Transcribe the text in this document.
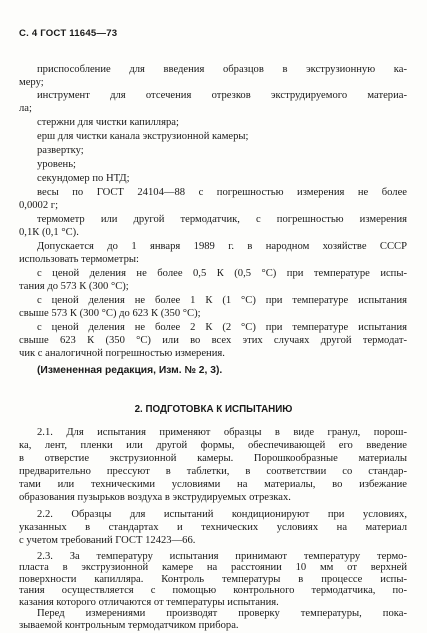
С. 4 ГОСТ 11645—73
приспособление для введения образцов в экструзионную ка-
меру;
инструмент для отсечения отрезков экструдируемого материа-
ла;
стержни для чистки капилляра;
ерш для чистки канала экструзионной камеры;
развертку;
уровень;
секундомер по НТД;
весы по ГОСТ 24104—88 с погрешностью измерения не более
0,0002 г;
термометр или другой термодатчик, с погрешностью измерения
0,1К (0,1 °С).
Допускается до 1 января 1989 г. в народном хозяйстве СССР
использовать термометры:
с ценой деления не более 0,5 К (0,5 °С) при температуре испы-
тания до 573 К (300 °С);
с ценой деления не более 1 К (1 °С) при температуре испытания
свыше 573 К (300 °С) до 623 К (350 °С);
с ценой деления не более 2 К (2 °С) при температуре испытания
свыше 623 К (350 °С) или во всех этих случаях другой термодат-
чик с аналогичной погрешностью измерения.
(Измененная редакция, Изм. № 2, 3).
2. ПОДГОТОВКА К ИСПЫТАНИЮ
2.1. Для испытания применяют образцы в виде гранул, порош-
ка, лент, пленки или другой формы, обеспечивающей его введение
в отверстие экструзионной камеры. Порошкообразные материалы
предварительно прессуют в таблетки, в соответствии со стандар-
тами или техническими условиями на материалы, во избежание
образования пузырьков воздуха в экструдируемых отрезках.
2.2. Образцы для испытаний кондиционируют при условиях,
указанных в стандартах и технических условиях на материал
с учетом требований ГОСТ 12423—66.
2.3. За температуру испытания принимают температуру термо-
пласта в экструзионной камере на расстоянии 10 мм от верхней
поверхности капилляра. Контроль температуры в процессе испы-
тания осуществляется с помощью контрольного термодатчика, по-
казания которого отличаются от температуры испытания.
Перед измерениями производят проверку температуры, пока-
зываемой контрольным термодатчиком прибора.
